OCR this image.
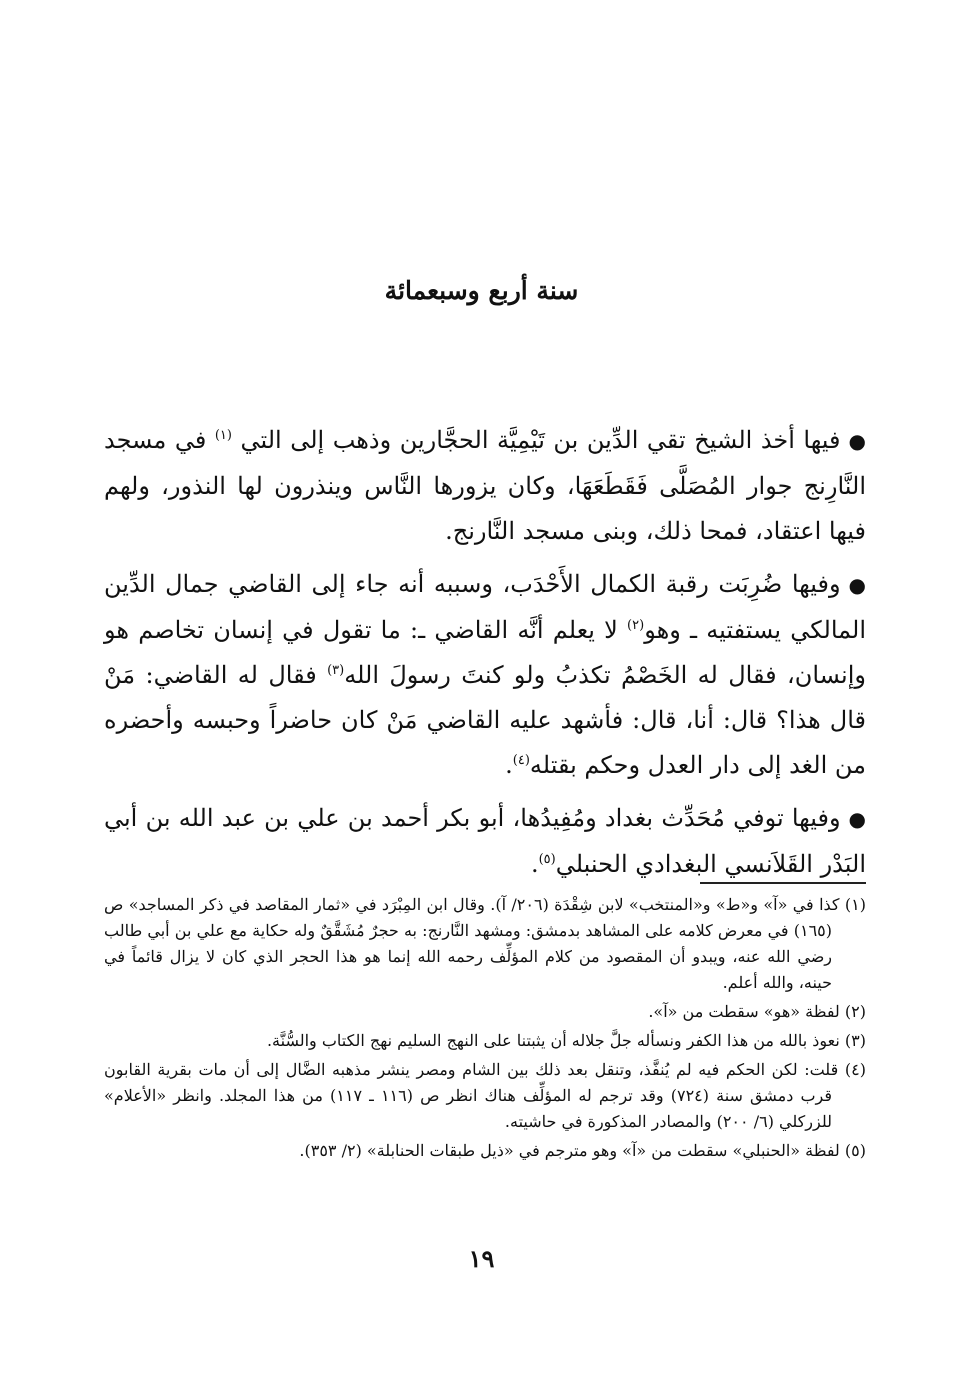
سنة أربع وسبعمائة

●فيها أخذ الشيخ تقي الدِّين بن تَيْمِيَّة الحجَّارين وذهب إلى التي $^{(١)}$ في مسجد النَّارِنج جوار المُصَلَّى فَقَطَعَهَا، وكان يزورها النَّاس وينذرون لها النذور، ولهم فيها اعتقاد، فمحا ذلك، وبنى مسجد النَّارنج.

●وفيها ضُرِبَت رقبة الكمال الأَحْدَب، وسببه أنه جاء إلى القاضي جمال الدِّين المالكي يستفتيه ـ وهو$^{(٢)}$ لا يعلم أنَّه القاضي ـ: ما تقول في إنسان تخاصم هو وإنسان، فقال له الخَصْمُ تكذبُ ولو كنتَ رسولَ الله$^{(٣)}$ فقال له القاضي: مَنْ قال هذا؟ قال: أنا، قال: فأشهد عليه القاضي مَنْ كان حاضراً وحبسه وأحضره من الغد إلى دار العدل وحكم بقتله$^{(٤)}$.

●وفيها توفي مُحَدِّث بغداد ومُفِيدُها، أبو بكر أحمد بن علي بن عبد الله بن أبي البَدْر القَلاَنسي البغدادي الحنبلي$^{(٥)}$.

(١) كذا في «آ» و«ط» و«المنتخب» لابن شِقْدَة (٢٠٦/ آ). وقال ابن المِبْرَد في «ثمار المقاصد في ذكر المساجد» ص (١٦٥) في معرض كلامه على المشاهد بدمشق: ومشهد النَّارنج: به حجرٌ مُشَقَّقٌ وله حكاية مع علي بن أبي طالب رضي الله عنه، ويبدو أن المقصود من كلام المؤلِّف رحمه الله إنما هو هذا الحجر الذي كان لا يزال قائماً في حينه، والله أعلم.

(٢) لفظة «هو» سقطت من «آ».

(٣) نعوذ بالله من هذا الكفر ونسأله جلَّ جلاله أن يثبتنا على النهج السليم نهج الكتاب والسُّنَّة.

(٤) قلت: لكن الحكم فيه لم يُنفَّذ، وتنقل بعد ذلك بين الشام ومصر ينشر مذهبه الضَّال إلى أن مات بقرية القابون قرب دمشق سنة (٧٢٤) وقد ترجم له المؤلِّف هناك انظر ص (١١٦ ـ ١١٧) من هذا المجلد. وانظر «الأعلام» للزركلي (٦/ ٢٠٠) والمصادر المذكورة في حاشيته.

(٥) لفظة «الحنبلي» سقطت من «آ» وهو مترجم في «ذيل طبقات الحنابلة» (٢/ ٣٥٣).

١٩
